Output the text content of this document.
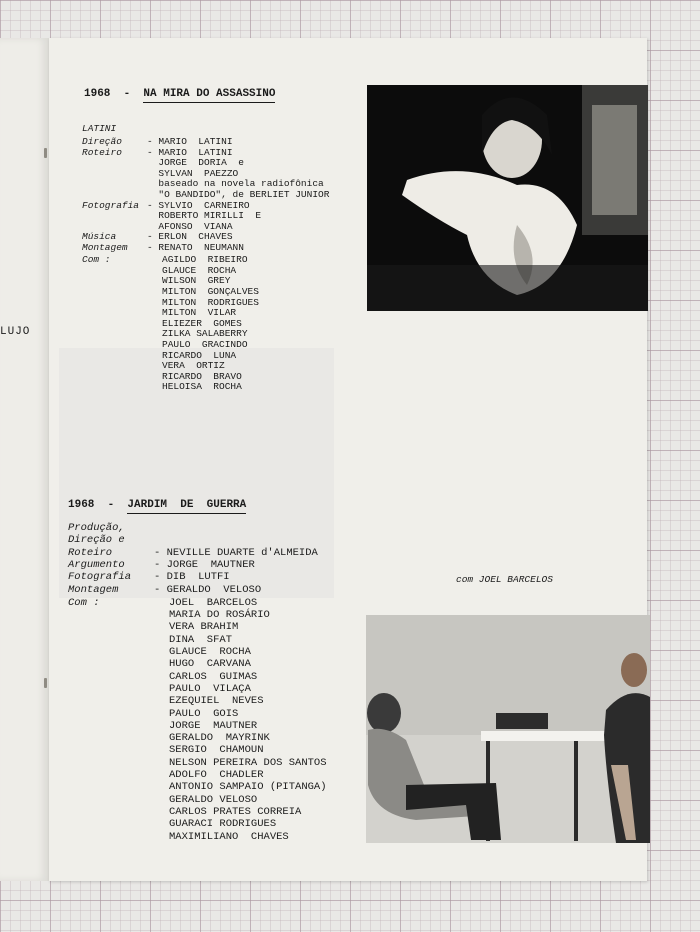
LUJO
1968 - NA MIRA DO ASSASSINO
LATINI
Direção	- MARIO  LATINI
Roteiro	- MARIO  LATINI
JORGE  DORIA  e
SYLVAN  PAEZZO
baseado na novela radiofônica
"O BANDIDO", de BERLIET JUNIOR
Fotografia - SYLVIO  CARNEIRO
ROBERTO MIRILLI  E
AFONSO  VIANA
Música	- ERLON  CHAVES
Montagem - RENATO  NEUMANN
Com :	AGILDO  RIBEIRO
GLAUCE  ROCHA
WILSON  GREY
MILTON  GONÇALVES
MILTON  RODRIGUES
MILTON  VILAR
ELIEZER  GOMES
ZILKA SALABERRY
PAULO  GRACINDO
RICARDO  LUNA
VERA  ORTIZ
RICARDO  BRAVO
HELOISA  ROCHA
1968 - JARDIM  DE  GUERRA
Produção,
Direção e
Roteiro	- NEVILLE DUARTE d'ALMEIDA
Argumento	- JORGE  MAUTNER
Fotografia - DIB  LUTFI
Montagem	- GERALDO  VELOSO
Com :	JOEL  BARCELOS
MARIA DO ROSÁRIO
VERA BRAHIM
DINA  SFAT
GLAUCE  ROCHA
HUGO  CARVANA
CARLOS  GUIMAS
PAULO  VILAÇA
EZEQUIEL  NEVES
PAULO  GOIS
JORGE  MAUTNER
GERALDO  MAYRINK
SERGIO  CHAMOUN
NELSON PEREIRA DOS SANTOS
ADOLFO  CHADLER
ANTONIO SAMPAIO (PITANGA)
GERALDO VELOSO
CARLOS PRATES CORREIA
GUARACI RODRIGUES
MAXIMILIANO  CHAVES
com JOEL BARCELOS
